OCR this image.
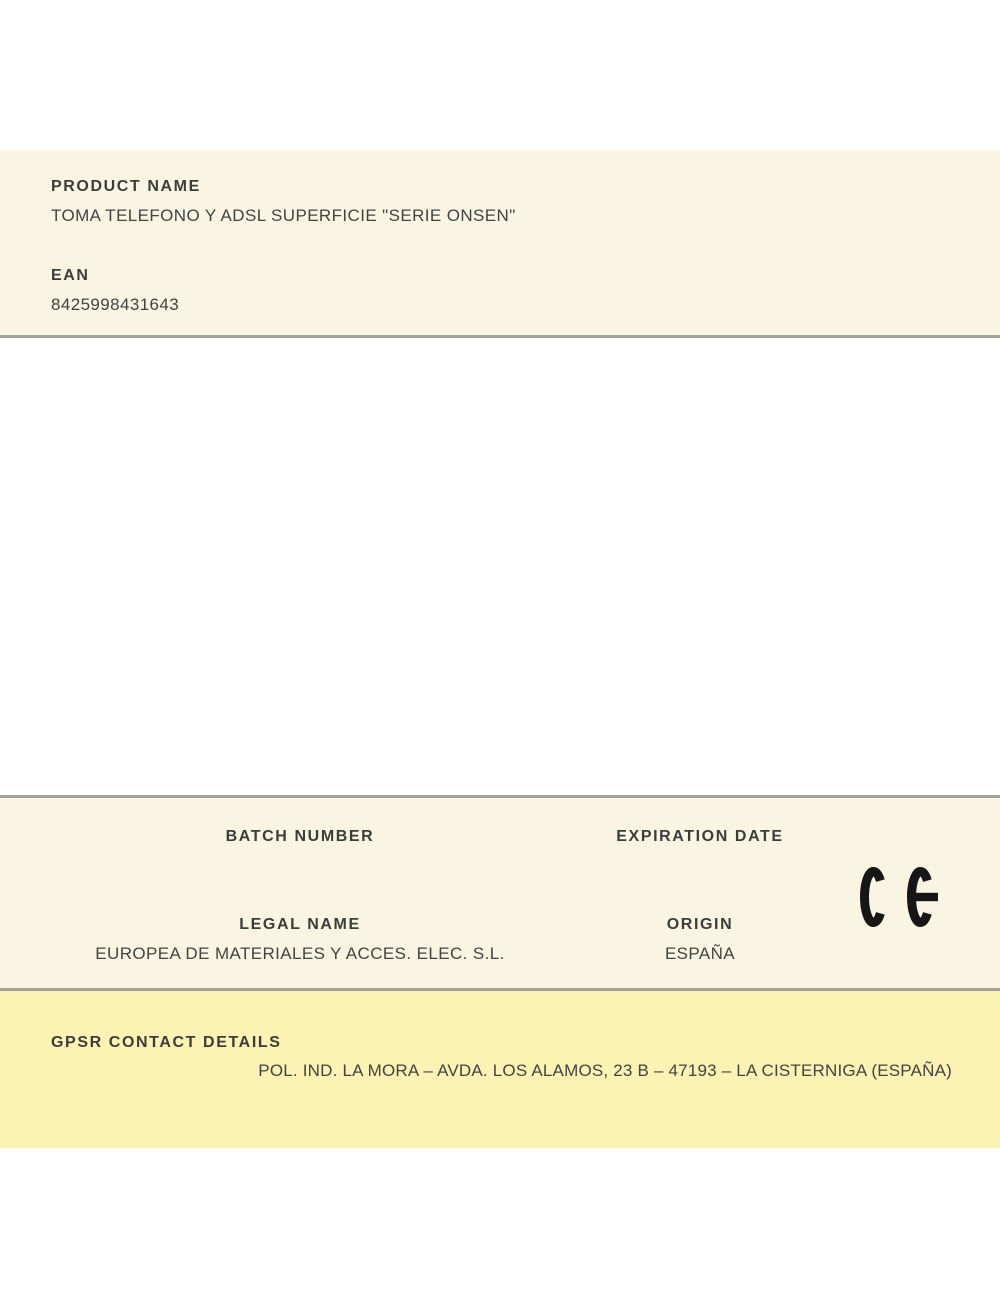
PRODUCT NAME
TOMA TELEFONO Y ADSL SUPERFICIE "SERIE ONSEN"
EAN
8425998431643
BATCH NUMBER	EXPIRATION DATE
LEGAL NAME	ORIGIN
EUROPEA DE MATERIALES Y ACCES. ELEC. S.L.	ESPAÑA
GPSR CONTACT DETAILS
POL. IND. LA MORA – AVDA. LOS ALAMOS, 23 B – 47193 – LA CISTERNIGA (ESPAÑA)
